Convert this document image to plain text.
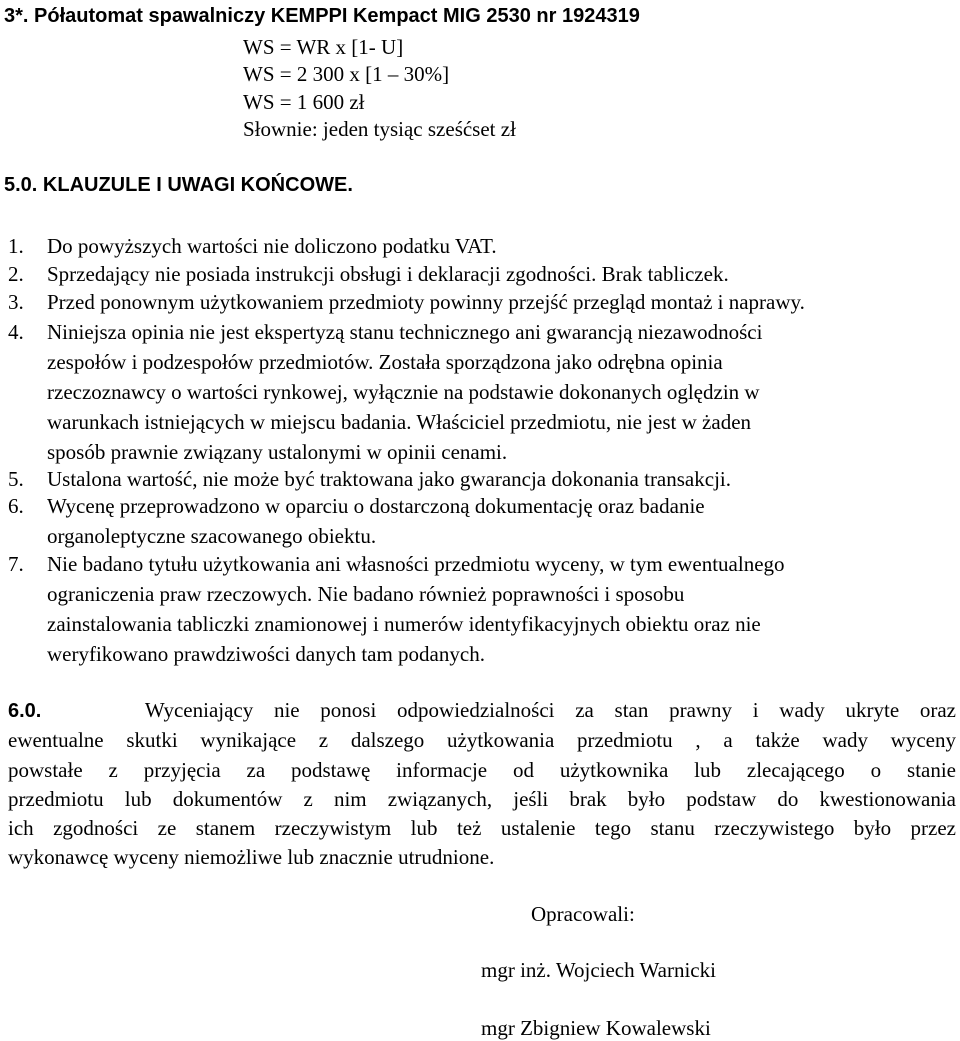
3*. Półautomat spawalniczy KEMPPI Kempact MIG 2530 nr 1924319
WS = WR x [1- U]
WS = 2 300 x [1 – 30%]
WS = 1 600 zł
Słownie: jeden tysiąc sześćset zł
5.0. KLAUZULE I UWAGI KOŃCOWE.
1. Do powyższych wartości nie doliczono podatku VAT.
2. Sprzedający nie posiada instrukcji obsługi i deklaracji zgodności. Brak tabliczek.
3. Przed ponownym użytkowaniem przedmioty powinny przejść przegląd montaż i naprawy.
4. Niniejsza opinia nie jest ekspertyzą stanu technicznego ani gwarancją niezawodności
zespołów i podzespołów przedmiotów. Została sporządzona jako odrębna opinia
rzeczoznawcy o wartości rynkowej, wyłącznie na podstawie dokonanych oględzin w
warunkach istniejących w miejscu badania. Właściciel przedmiotu, nie jest w żaden
sposób prawnie związany ustalonymi w opinii cenami.
5. Ustalona wartość, nie może być traktowana jako gwarancja dokonania transakcji.
6. Wycenę przeprowadzono w oparciu o dostarczoną dokumentację oraz badanie
organoleptyczne szacowanego obiektu.
7. Nie badano tytułu użytkowania ani własności przedmiotu wyceny, w tym ewentualnego
ograniczenia praw rzeczowych. Nie badano również poprawności i sposobu
zainstalowania tabliczki znamionowej i numerów identyfikacyjnych obiektu oraz nie
weryfikowano prawdziwości danych tam podanych.
6.0.	Wyceniający nie ponosi odpowiedzialności za stan prawny i wady ukryte oraz
ewentualne skutki wynikające z dalszego użytkowania przedmiotu , a także wady wyceny
powstałe z przyjęcia za podstawę informacje od użytkownika lub zlecającego o stanie
przedmiotu lub dokumentów z nim związanych, jeśli brak było podstaw do kwestionowania
ich zgodności ze stanem rzeczywistym lub też ustalenie tego stanu rzeczywistego było przez
wykonawcę wyceny niemożliwe lub znacznie utrudnione.
Opracowali:
mgr inż. Wojciech Warnicki
mgr Zbigniew Kowalewski
